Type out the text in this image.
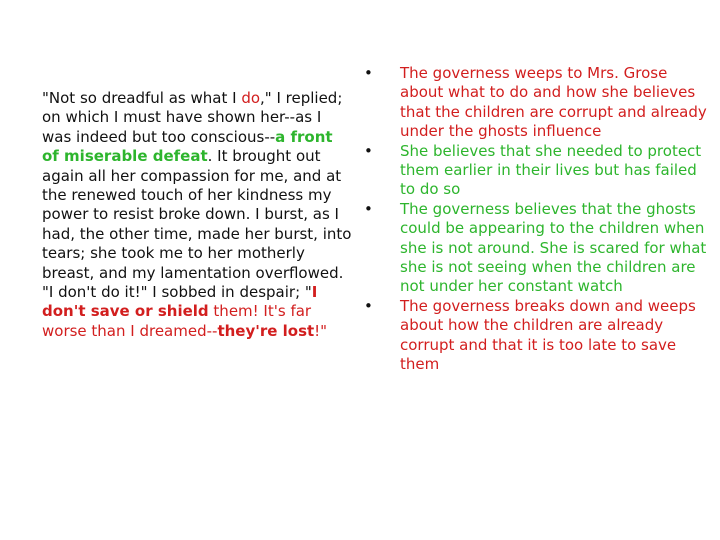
"Not so dreadful as what I do," I replied; on which I must have shown her--as I was indeed but too conscious--a front of miserable defeat. It brought out again all her compassion for me, and at the renewed touch of her kindness my power to resist broke down. I burst, as I had, the other time, made her burst, into tears; she took me to her motherly breast, and my lamentation overflowed. "I don't do it!" I sobbed in despair; "I don't save or shield them! It's far worse than I dreamed--they're lost!"
• The governess weeps to Mrs. Grose about what to do and how she believes that the children are corrupt and already under the ghosts influence
• She believes that she needed to protect them earlier in their lives but has failed to do so
• The governess believes that the ghosts could be appearing to the children when she is not around. She is scared for what she is not seeing when the children are not under her constant watch
• The governess breaks down and weeps about how the children are already corrupt and that it is too late to save them
